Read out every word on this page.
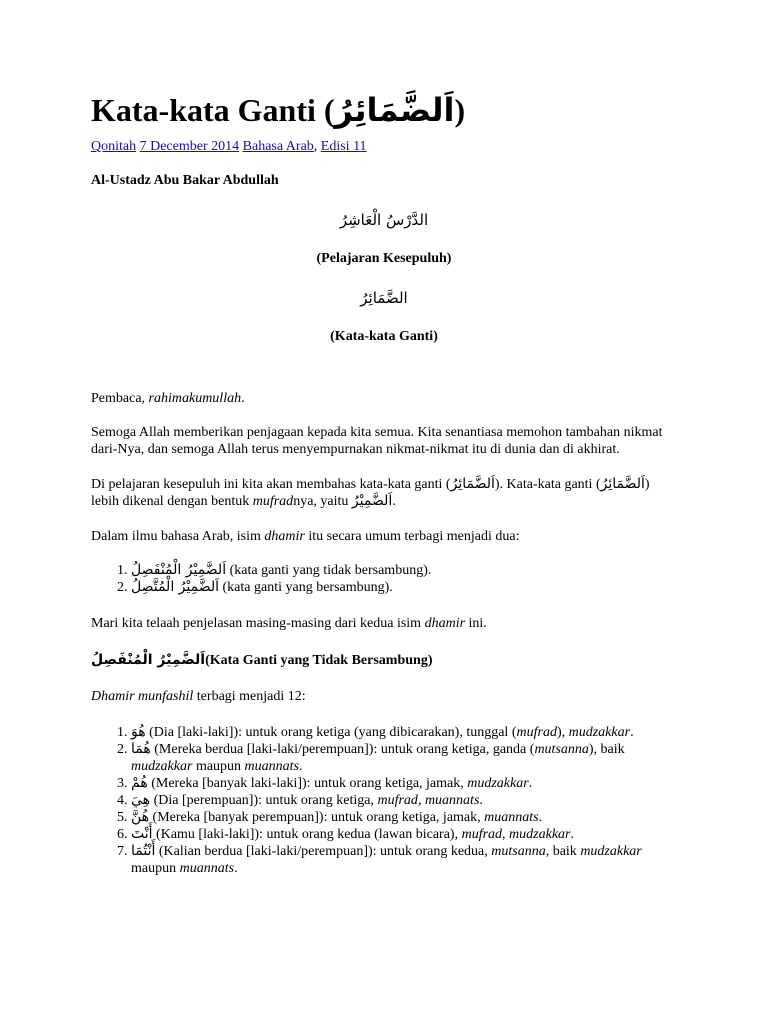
Kata-kata Ganti (اَلضَّمَائِرُ)
Qonitah 7 December 2014 Bahasa Arab, Edisi 11

Al-Ustadz Abu Bakar Abdullah

الدَّرْسُ الْعَاشِرُ

(Pelajaran Kesepuluh)

الضَّمَائِرُ

(Kata-kata Ganti)

Pembaca, rahimakumullah.

Semoga Allah memberikan penjagaan kepada kita semua. Kita senantiasa memohon tambahan nikmat dari-Nya, dan semoga Allah terus menyempurnakan nikmat-nikmat itu di dunia dan di akhirat.

Di pelajaran kesepuluh ini kita akan membahas kata-kata ganti (اَلضَّمَائِرُ). Kata-kata ganti (اَلضَّمَائِرُ) lebih dikenal dengan bentuk mufradnya, yaitu اَلضَّمِيْرُ.

Dalam ilmu bahasa Arab, isim dhamir itu secara umum terbagi menjadi dua:

1. اَلضَّمِيْرُ الْمُنْفَصِلُ (kata ganti yang tidak bersambung).
2. اَلضَّمِيْرُ الْمُتَّصِلُ (kata ganti yang bersambung).

Mari kita telaah penjelasan masing-masing dari kedua isim dhamir ini.

اَلضَّمِيْرُ الْمُنْفَصِلُ(Kata Ganti yang Tidak Bersambung)

Dhamir munfashil terbagi menjadi 12:

1. هُوَ (Dia [laki-laki]): untuk orang ketiga (yang dibicarakan), tunggal (mufrad), mudzakkar.
2. هُمَا (Mereka berdua [laki-laki/perempuan]): untuk orang ketiga, ganda (mutsanna), baik mudzakkar maupun muannats.
3. هُمْ (Mereka [banyak laki-laki]): untuk orang ketiga, jamak, mudzakkar.
4. هِيَ (Dia [perempuan]): untuk orang ketiga, mufrad, muannats.
5. هُنَّ (Mereka [banyak perempuan]): untuk orang ketiga, jamak, muannats.
6. أَنْتَ (Kamu [laki-laki]): untuk orang kedua (lawan bicara), mufrad, mudzakkar.
7. أَنْتُمَا (Kalian berdua [laki-laki/perempuan]): untuk orang kedua, mutsanna, baik mudzakkar maupun muannats.
